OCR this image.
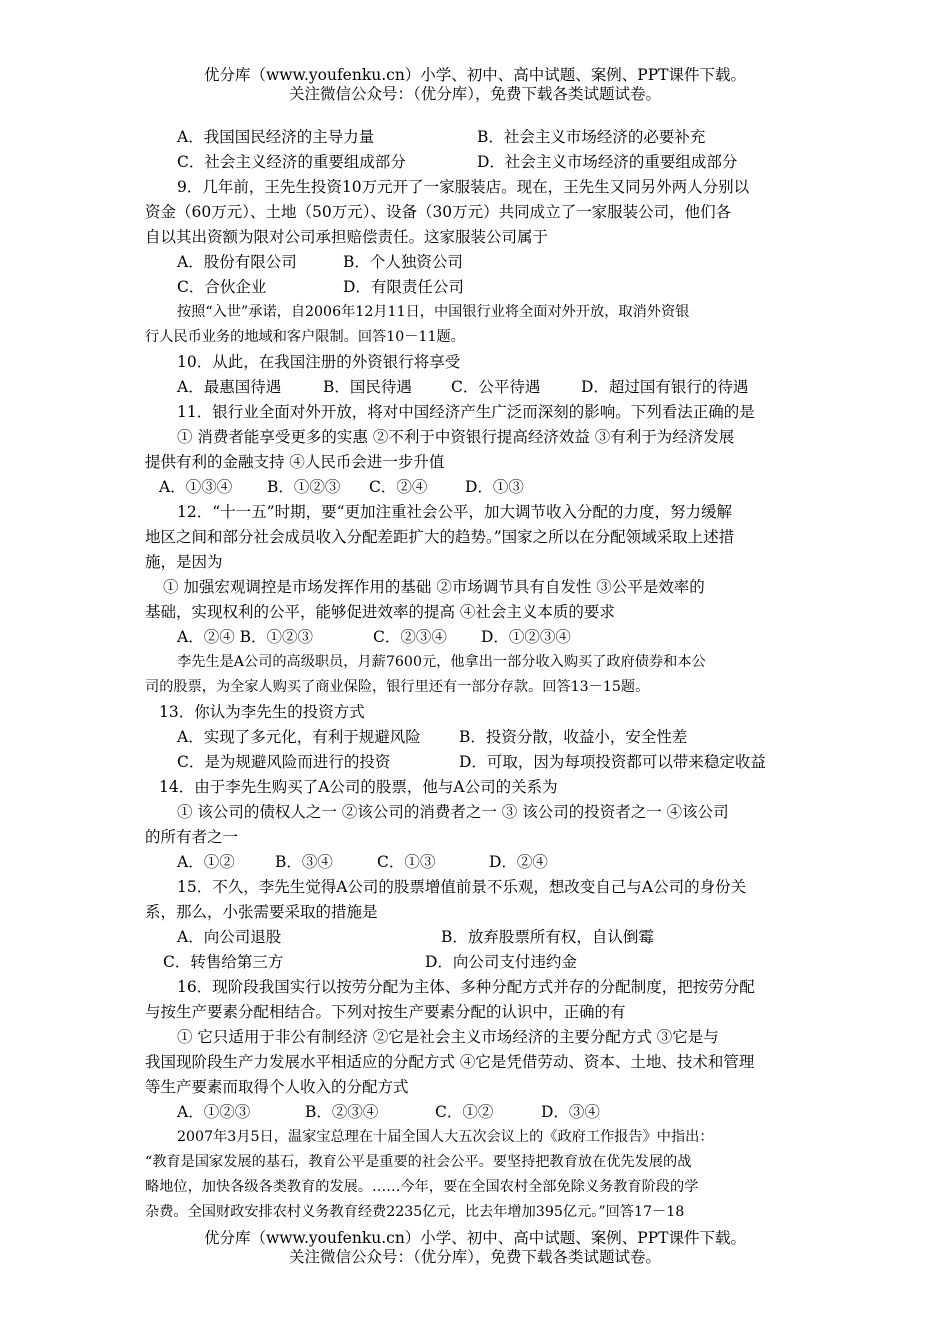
优分库（www.youfenku.cn）小学、初中、高中试题、案例、PPT课件下载。
关注微信公众号：（优分库），免费下载各类试题试卷。
A．我国国民经济的主导力量	B．社会主义市场经济的必要补充
C．社会主义经济的重要组成部分	D．社会主义市场经济的重要组成部分
9．几年前，王先生投资10万元开了一家服装店。现在，王先生又同另外两人分别以
资金（60万元）、土地（50万元）、设备（30万元）共同成立了一家服装公司，他们各
自以其出资额为限对公司承担赔偿责任。这家服装公司属于
A．股份有限公司	B．个人独资公司
C．合伙企业	D．有限责任公司
按照“入世”承诺，自2006年12月11日，中国银行业将全面对外开放，取消外资银
行人民币业务的地域和客户限制。回答10－11题。
10．从此，在我国注册的外资银行将享受
A．最惠国待遇	B．国民待遇	C．公平待遇	D．超过国有银行的待遇
11．银行业全面对外开放，将对中国经济产生广泛而深刻的影响。下列看法正确的是
① 消费者能享受更多的实惠 ②不利于中资银行提高经济效益 ③有利于为经济发展
提供有利的金融支持 ④人民币会进一步升值
A．①③④ B．①②③ C．②④ D．①③
12．“十一五”时期，要“更加注重社会公平，加大调节收入分配的力度，努力缓解
地区之间和部分社会成员收入分配差距扩大的趋势。”国家之所以在分配领域采取上述措
施，是因为
① 加强宏观调控是市场发挥作用的基础 ②市场调节具有自发性 ③公平是效率的
基础，实现权利的公平，能够促进效率的提高 ④社会主义本质的要求
A．②④ B．①②③	C．②③④ D．①②③④
李先生是A公司的高级职员，月薪7600元，他拿出一部分收入购买了政府债券和本公
司的股票，为全家人购买了商业保险，银行里还有一部分存款。回答13－15题。
13．你认为李先生的投资方式
A．实现了多元化，有利于规避风险 B．投资分散，收益小，安全性差
C．是为规避风险而进行的投资	D．可取，因为每项投资都可以带来稳定收益
14．由于李先生购买了A公司的股票，他与A公司的关系为
① 该公司的债权人之一 ②该公司的消费者之一 ③ 该公司的投资者之一 ④该公司
的所有者之一
A．①②	B．③④	C．①③	D．②④
15．不久，李先生觉得A公司的股票增值前景不乐观，想改变自己与A公司的身份关
系，那么，小张需要采取的措施是
A．向公司退股	B．放弃股票所有权，自认倒霉
C．转售给第三方	D．向公司支付违约金
16．现阶段我国实行以按劳分配为主体、多种分配方式并存的分配制度，把按劳分配
与按生产要素分配相结合。下列对按生产要素分配的认识中，正确的有
① 它只适用于非公有制经济 ②它是社会主义市场经济的主要分配方式 ③它是与
我国现阶段生产力发展水平相适应的分配方式 ④它是凭借劳动、资本、土地、技术和管理
等生产要素而取得个人收入的分配方式
A．①②③	B．②③④	C．①②	D．③④
2007年3月5日，温家宝总理在十届全国人大五次会议上的《政府工作报告》中指出：
“教育是国家发展的基石，教育公平是重要的社会公平。要坚持把教育放在优先发展的战
略地位，加快各级各类教育的发展。……今年，要在全国农村全部免除义务教育阶段的学
杂费。全国财政安排农村义务教育经费2235亿元，比去年增加395亿元。”回答17－18
优分库（www.youfenku.cn）小学、初中、高中试题、案例、PPT课件下载。
关注微信公众号：（优分库），免费下载各类试题试卷。
